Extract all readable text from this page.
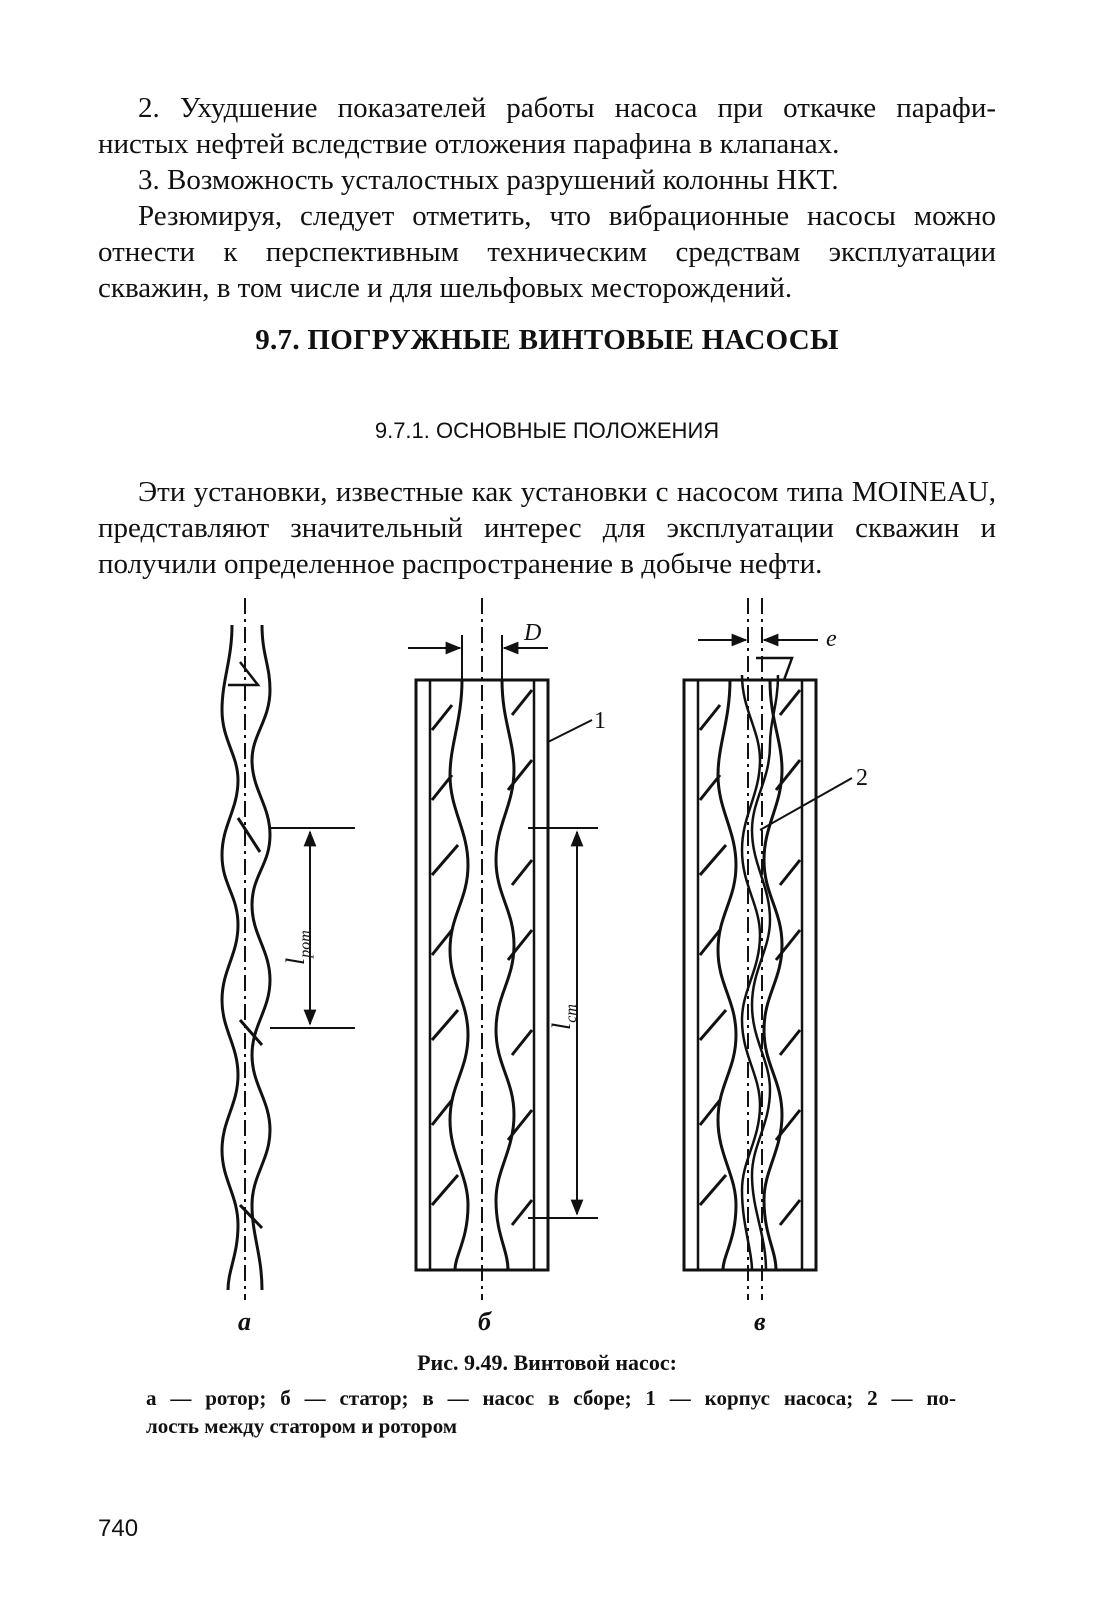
2. Ухудшение показателей работы насоса при откачке парафи-
нистых нефтей вследствие отложения парафина в клапанах.

3. Возможность усталостных разрушений колонны НКТ.

Резюмируя, следует отметить, что вибрационные насосы можно
отнести к перспективным техническим средствам эксплуатации
скважин, в том числе и для шельфовых месторождений.

9.7. ПОГРУЖНЫЕ ВИНТОВЫЕ НАСОСЫ
9.7.1. ОСНОВНЫЕ ПОЛОЖЕНИЯ

Эти установки, известные как установки с насосом типа MOINEAU,
представляют значительный интерес для эксплуатации скважин и
получили определенное распространение в добыче нефти.

$l_{рот}$
D
$l_{ст}$
1
e
2
а	б	в
Рис. 9.49. Винтовой насос:
а — ротор; б — статор; в — насос в сборе; 1 — корпус насоса; 2 — по-
лость между статором и ротором
740
